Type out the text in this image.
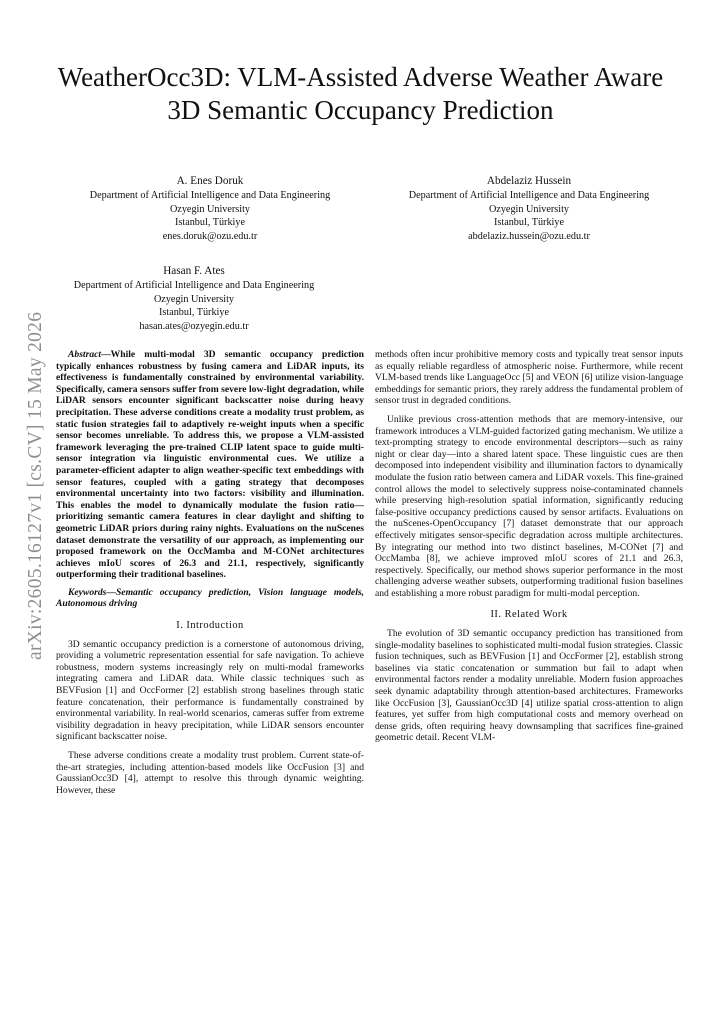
WeatherOcc3D: VLM-Assisted Adverse Weather Aware 3D Semantic Occupancy Prediction
A. Enes Doruk
Department of Artificial Intelligence and Data Engineering
Ozyegin University
Istanbul, Türkiye
enes.doruk@ozu.edu.tr
Abdelaziz Hussein
Department of Artificial Intelligence and Data Engineering
Ozyegin University
Istanbul, Türkiye
abdelaziz.hussein@ozu.edu.tr
Hasan F. Ates
Department of Artificial Intelligence and Data Engineering
Ozyegin University
Istanbul, Türkiye
hasan.ates@ozyegin.edu.tr
arXiv:2605.16127v1 [cs.CV] 15 May 2026	Abstract—While multi-modal 3D semantic occupancy prediction typically enhances robustness by fusing camera and LiDAR inputs, its effectiveness is fundamentally constrained by environmental variability. Specifically, camera sensors suffer from severe low-light degradation, while LiDAR sensors encounter significant backscatter noise during heavy precipitation. These adverse conditions create a modality trust problem, as static fusion strategies fail to adaptively re-weight inputs when a specific sensor becomes unreliable. To address this, we propose a VLM-assisted framework leveraging the pre-trained CLIP latent space to guide multi-sensor integration via linguistic environmental cues. We utilize a parameter-efficient adapter to align weather-specific text embeddings with sensor features, coupled with a gating strategy that decomposes environmental uncertainty into two factors: visibility and illumination. This enables the model to dynamically modulate the fusion ratio—prioritizing semantic camera features in clear daylight and shifting to geometric LiDAR priors during rainy nights. Evaluations on the nuScenes dataset demonstrate the versatility of our approach, as implementing our proposed framework on the OccMamba and M-CONet architectures achieves mIoU scores of 26.3 and 21.1, respectively, significantly outperforming their traditional baselines.

Keywords—Semantic occupancy prediction, Vision language models, Autonomous driving

I. Introduction

3D semantic occupancy prediction is a cornerstone of autonomous driving, providing a volumetric representation essential for safe navigation. To achieve robustness, modern systems increasingly rely on multi-modal frameworks integrating camera and LiDAR data. While classic techniques such as BEVFusion [1] and OccFormer [2] establish strong baselines through static feature concatenation, their performance is fundamentally constrained by environmental variability. In real-world scenarios, cameras suffer from extreme visibility degradation in heavy precipitation, while LiDAR sensors encounter significant backscatter noise.

These adverse conditions create a modality trust problem. Current state-of-the-art strategies, including attention-based models like OccFusion [3] and GaussianOcc3D [4], attempt to resolve this through dynamic weighting. However, these

methods often incur prohibitive memory costs and typically treat sensor inputs as equally reliable regardless of atmospheric noise. Furthermore, while recent VLM-based trends like LanguageOcc [5] and VEON [6] utilize vision-language embeddings for semantic priors, they rarely address the fundamental problem of sensor trust in degraded conditions.

Unlike previous cross-attention methods that are memory-intensive, our framework introduces a VLM-guided factorized gating mechanism. We utilize a text-prompting strategy to encode environmental descriptors—such as rainy night or clear day—into a shared latent space. These linguistic cues are then decomposed into independent visibility and illumination factors to dynamically modulate the fusion ratio between camera and LiDAR voxels. This fine-grained control allows the model to selectively suppress noise-contaminated channels while preserving high-resolution spatial information, significantly reducing false-positive occupancy predictions caused by sensor artifacts. Evaluations on the nuScenes-OpenOccupancy [7] dataset demonstrate that our approach effectively mitigates sensor-specific degradation across multiple architectures. By integrating our method into two distinct baselines, M-CONet [7] and OccMamba [8], we achieve improved mIoU scores of 21.1 and 26.3, respectively. Specifically, our method shows superior performance in the most challenging adverse weather subsets, outperforming traditional fusion baselines and establishing a more robust paradigm for multi-modal perception.

II. Related Work

The evolution of 3D semantic occupancy prediction has transitioned from single-modality baselines to sophisticated multi-modal fusion strategies. Classic fusion techniques, such as BEVFusion [1] and OccFormer [2], establish strong baselines via static concatenation or summation but fail to adapt when environmental factors render a modality unreliable. Modern fusion approaches seek dynamic adaptability through attention-based architectures. Frameworks like OccFusion [3], GaussianOcc3D [4] utilize spatial cross-attention to align features, yet suffer from high computational costs and memory overhead on dense grids, often requiring heavy downsampling that sacrifices fine-grained geometric detail. Recent VLM-
